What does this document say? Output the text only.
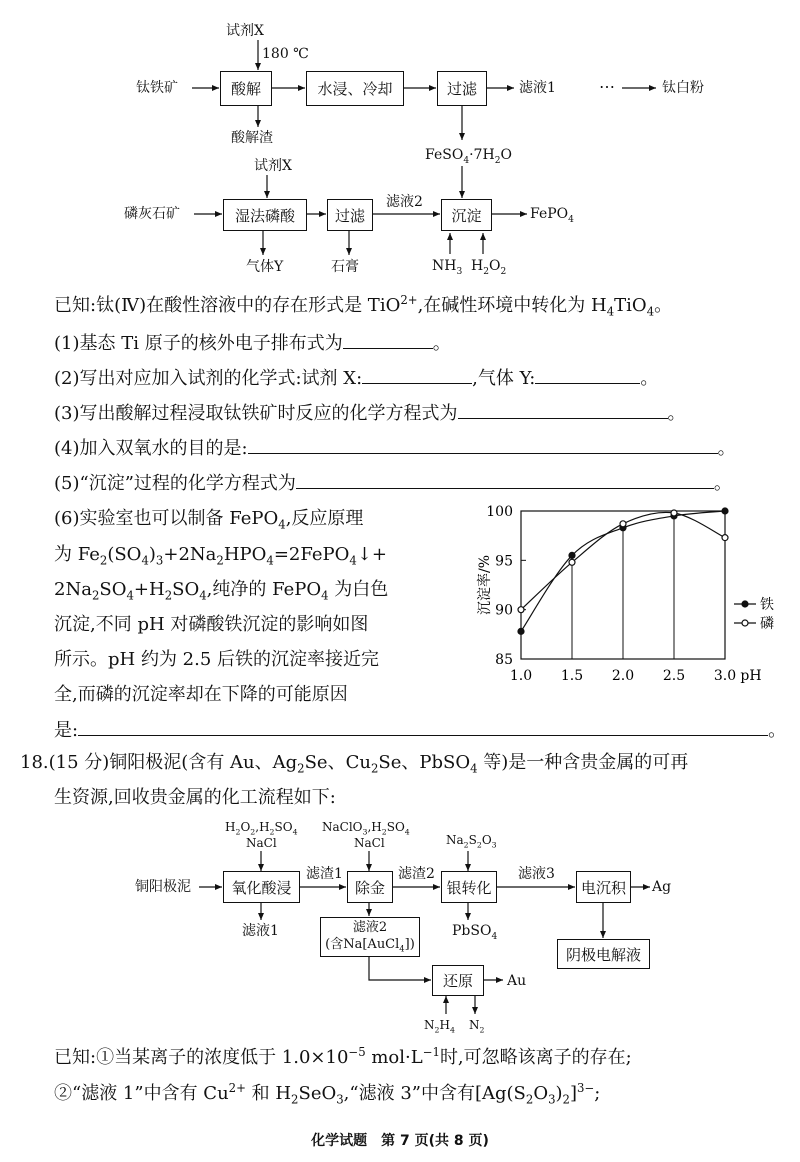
试剂X
180 ℃
钛铁矿	酸解	水浸、冷却	过滤	滤液1	⋯	钛白粉
酸解渣
$FeSO_4\cdot 7H_2O$
试剂X
磷灰石矿	湿法磷酸	过滤
滤液2
沉淀	FePO$_4$
气体Y	石膏	$NH_3$ $H_2O_2$
已知:钛(Ⅳ)在酸性溶液中的存在形式是 TiO$^{2+}$,在碱性环境中转化为 $H_4TiO_4$。
(1)基态 Ti 原子的核外电子排布式为	。
(2)写出对应加入试剂的化学式:试剂 X:	,气体 Y:	。
(3)写出酸解过程浸取钛铁矿时反应的化学方程式为	。
(4)加入双氧水的目的是:	。
(5)“沉淀”过程的化学方程式为	。
(6)实验室也可以制备 FePO$_4$,反应原理
为 $Fe_2(SO_4)_3+2Na_2HPO_4=2FePO_4↓+$
$2Na_2SO_4+H_2SO_4$,纯净的 FePO$_4$ 为白色
沉淀,不同 pH 对磷酸铁沉淀的影响如图
所示。pH 约为 2.5 后铁的沉淀率接近完
全,而磷的沉淀率却在下降的可能原因
是:	。
85
90
95
100
1.0 1.5 2.0 2.5 3.0 pH
沉淀率/%	铁
磷
18.(15 分)铜阳极泥(含有 Au、$Ag_2Se$、$Cu_2Se$、PbSO$_4$ 等)是一种含贵金属的可再
生资源,回收贵金属的化工流程如下:
$H_2O_2,H_2SO_4$
NaCl
$NaClO_3,H_2SO_4$
NaCl	$Na_2S_2O_3$
铜阳极泥	氧化酸浸
滤渣1
除金
滤渣2
银转化
滤液3
电沉积	Ag
滤液1	滤液2
(含Na[AuCl$_4$])
PbSO$_4$
阴极电解液
还原	Au
$N_2H_4$ $N_2$
已知:①当某离子的浓度低于 $1.0\times 10^{-5}$ $mol\cdot L^{-1}$时,可忽略该离子的存在;
②“滤液 1”中含有 $Cu^{2+}$ 和 $H_2SeO_3,“$滤液 3”中含有$[Ag(S_2O_3)_2]^{3-}$;
化学试题　第 7 页(共 8 页)
